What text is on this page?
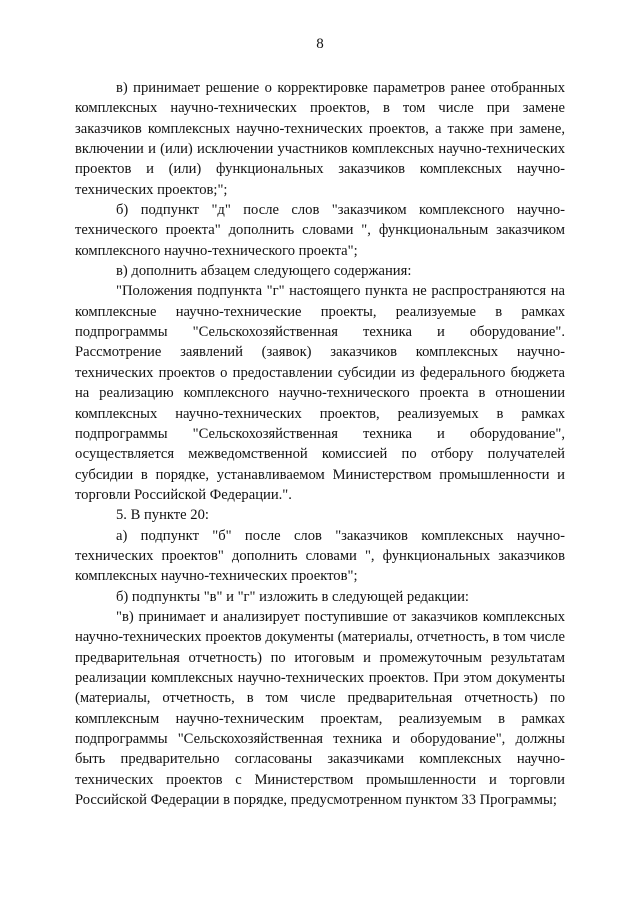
8

в) принимает решение о корректировке параметров ранее отобранных комплексных научно-технических проектов, в том числе при замене заказчиков комплексных научно-технических проектов, а также при замене, включении и (или) исключении участников комплексных научно-технических проектов и (или) функциональных заказчиков комплексных научно-технических проектов;";

б) подпункт "д" после слов "заказчиком комплексного научно-технического проекта" дополнить словами ", функциональным заказчиком комплексного научно-технического проекта";

в) дополнить абзацем следующего содержания:

"Положения подпункта "г" настоящего пункта не распространяются на комплексные научно-технические проекты, реализуемые в рамках подпрограммы "Сельскохозяйственная техника и оборудование". Рассмотрение заявлений (заявок) заказчиков комплексных научно-технических проектов о предоставлении субсидии из федерального бюджета на реализацию комплексного научно-технического проекта в отношении комплексных научно-технических проектов, реализуемых в рамках подпрограммы "Сельскохозяйственная техника и оборудование", осуществляется межведомственной комиссией по отбору получателей субсидии в порядке, устанавливаемом Министерством промышленности и торговли Российской Федерации.".

5. В пункте 20:

а) подпункт "б" после слов "заказчиков комплексных научно-технических проектов" дополнить словами ", функциональных заказчиков комплексных научно-технических проектов";

б) подпункты "в" и "г" изложить в следующей редакции:

"в) принимает и анализирует поступившие от заказчиков комплексных научно-технических проектов документы (материалы, отчетность, в том числе предварительная отчетность) по итоговым и промежуточным результатам реализации комплексных научно-технических проектов. При этом документы (материалы, отчетность, в том числе предварительная отчетность) по комплексным научно-техническим проектам, реализуемым в рамках подпрограммы "Сельскохозяйственная техника и оборудование", должны быть предварительно согласованы заказчиками комплексных научно-технических проектов с Министерством промышленности и торговли Российской Федерации в порядке, предусмотренном пунктом 33 Программы;
